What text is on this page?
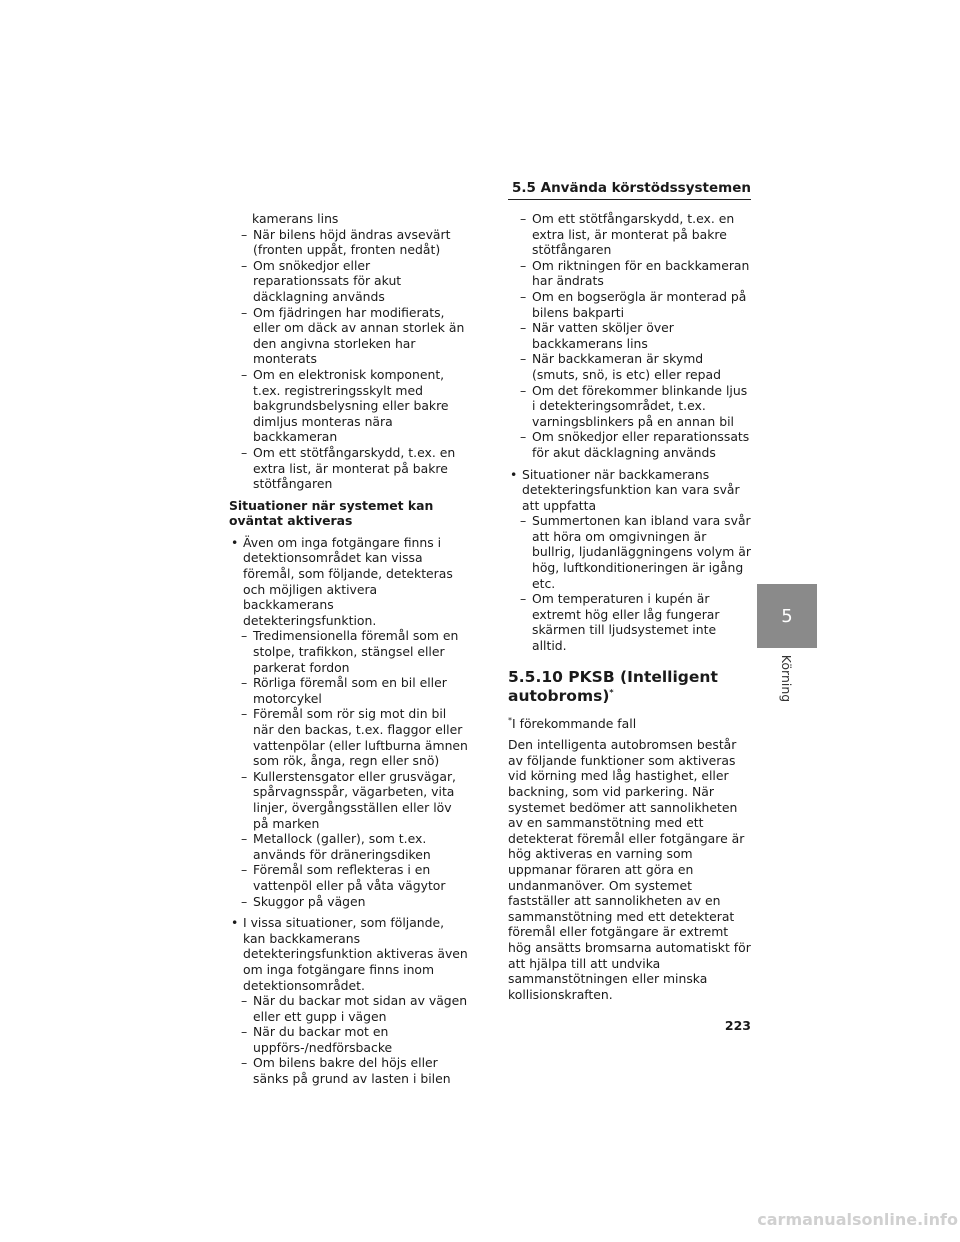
5.5 Använda körstödssystemen
kamerans lins
– När bilens höjd ändras avsevärt (fronten uppåt, fronten nedåt)
– Om snökedjor eller reparationssats för akut däcklagning används
– Om fjädringen har modifierats, eller om däck av annan storlek än den angivna storleken har monterats
– Om en elektronisk komponent, t.ex. registreringsskylt med bakgrundsbelysning eller bakre dimljus monteras nära backkameran
– Om ett stötfångarskydd, t.ex. en extra list, är monterat på bakre stötfångaren
Situationer när systemet kan oväntat aktiveras
• Även om inga fotgängare finns i detektionsområdet kan vissa föremål, som följande, detekteras och möjligen aktivera backkamerans detekteringsfunktion.
– Tredimensionella föremål som en stolpe, trafikkon, stängsel eller parkerat fordon
– Rörliga föremål som en bil eller motorcykel
– Föremål som rör sig mot din bil när den backas, t.ex. flaggor eller vattenpölar (eller luftburna ämnen som rök, ånga, regn eller snö)
– Kullerstensgator eller grusvägar, spårvagnsspår, vägarbeten, vita linjer, övergångsställen eller löv på marken
– Metallock (galler), som t.ex. används för dräneringsdiken
– Föremål som reflekteras i en vattenpöl eller på våta vägytor
– Skuggor på vägen
• I vissa situationer, som följande, kan backkamerans detekteringsfunktion aktiveras även om inga fotgängare finns inom detektionsområdet.
– När du backar mot sidan av vägen eller ett gupp i vägen
– När du backar mot en uppförs-/nedförsbacke
– Om bilens bakre del höjs eller sänks på grund av lasten i bilen
– Om ett stötfångarskydd, t.ex. en extra list, är monterat på bakre stötfångaren
– Om riktningen för en backkameran har ändrats
– Om en bogserögla är monterad på bilens bakparti
– När vatten sköljer över backkamerans lins
– När backkameran är skymd (smuts, snö, is etc) eller repad
– Om det förekommer blinkande ljus i detekteringsområdet, t.ex. varningsblinkers på en annan bil
– Om snökedjor eller reparationssats för akut däcklagning används
• Situationer när backkamerans detekteringsfunktion kan vara svår att uppfatta
– Summertonen kan ibland vara svår att höra om omgivningen är bullrig, ljudanläggningens volym är hög, luftkonditioneringen är igång etc.
– Om temperaturen i kupén är extremt hög eller låg fungerar skärmen till ljudsystemet inte alltid.
5.5.10 PKSB (Intelligent autobroms)*
*I förekommande fall
Den intelligenta autobromsen består av följande funktioner som aktiveras vid körning med låg hastighet, eller backning, som vid parkering. När systemet bedömer att sannolikheten av en sammanstötning med ett detekterat föremål eller fotgängare är hög aktiveras en varning som uppmanar föraren att göra en undanmanöver. Om systemet fastställer att sannolikheten av en sammanstötning med ett detekterat föremål eller fotgängare är extremt hög ansätts bromsarna automatiskt för att hjälpa till att undvika sammanstötningen eller minska kollisionskraften.
5
Körning
223
carmanualsonline.info
